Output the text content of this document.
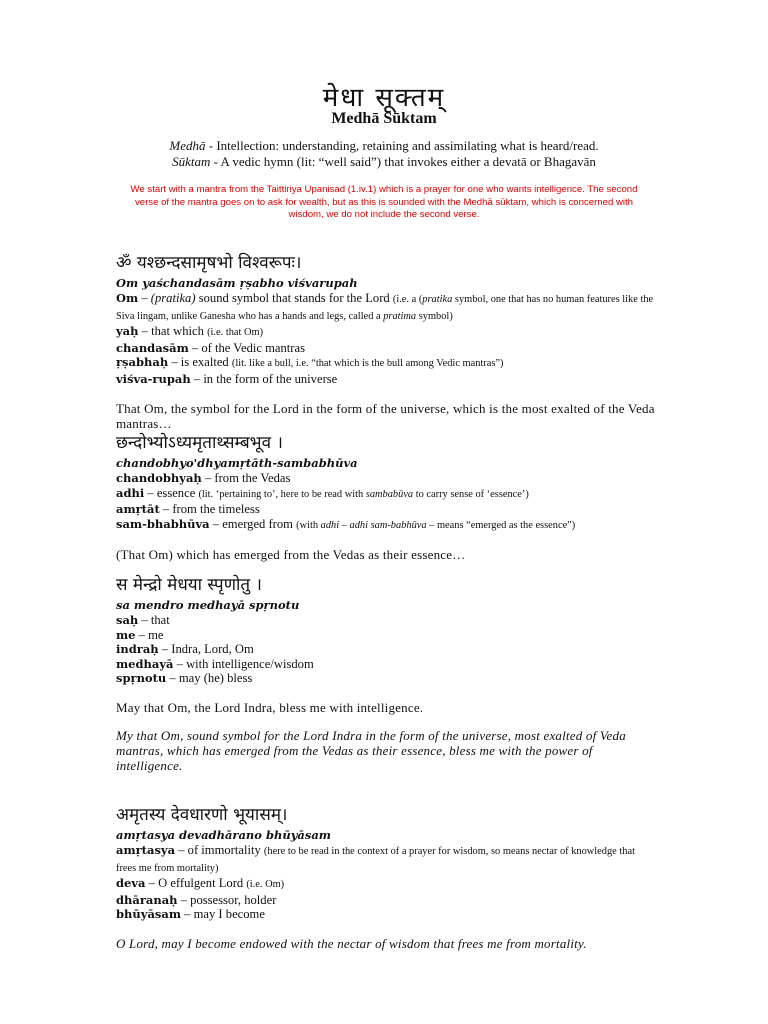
मेधा सूक्तम्
Medhā Sūktam
Medhā - Intellection: understanding, retaining and assimilating what is heard/read.
Sūktam - A vedic hymn (lit: “well said”) that invokes either a devatā or Bhagavān
We start with a mantra from the Taittiriya Upanisad (1.iv.1) which is a prayer for one who wants intelligence. The second verse of the mantra goes on to ask for wealth, but as this is sounded with the Medhā sūktam, which is concerned with wisdom, we do not include the second verse.
ॐ यश्छन्दसामृषभो विश्वरूपः।
Om yaśchandasām ṛṣabho viśvarupah
Om – (pratika) sound symbol that stands for the Lord (i.e. a (pratika symbol, one that has no human features like the Siva lingam, unlike Ganesha who has a hands and legs, called a pratima symbol)
yaḥ – that which (i.e. that Om)
chandasām – of the Vedic mantras
ṛṣabhaḥ – is exalted (lit. like a bull, i.e. “that which is the bull among Vedic mantras”)
viśva-rupah – in the form of the universe
That Om, the symbol for the Lord in the form of the universe, which is the most exalted of the Veda mantras…
छन्दोभ्योऽध्यमृताथ्सम्बभूव ।
chandobhyo'dhyamṛtāth-sambabhūva
chandobhyaḥ – from the Vedas
adhi – essence (lit. ‘pertaining to’, here to be read with sambabūva to carry sense of ‘essence’)
amṛtāt – from the timeless
sam-bhabhūva – emerged from (with adhi – adhi sam-babhūva – means “emerged as the essence”)
(That Om) which has emerged from the Vedas as their essence…
स मेन्द्रो मेधया स्पृणोतु ।
sa mendro medhayā spṛnotu
saḥ – that
me – me
indraḥ – Indra, Lord, Om
medhayā – with intelligence/wisdom
spṛnotu – may (he) bless
May that Om, the Lord Indra, bless me with intelligence.
My that Om, sound symbol for the Lord Indra in the form of the universe, most exalted of Veda mantras, which has emerged from the Vedas as their essence, bless me with the power of intelligence.
अमृतस्य देवधारणो भूयासम्।
amṛtasya devadhārano bhūyāsam
amṛtasya – of immortality (here to be read in the context of a prayer for wisdom, so means nectar of knowledge that frees me from mortality)
deva – O effulgent Lord (i.e. Om)
dhāranaḥ – possessor, holder
bhūyāsam – may I become
O Lord, may I become endowed with the nectar of wisdom that frees me from mortality.
